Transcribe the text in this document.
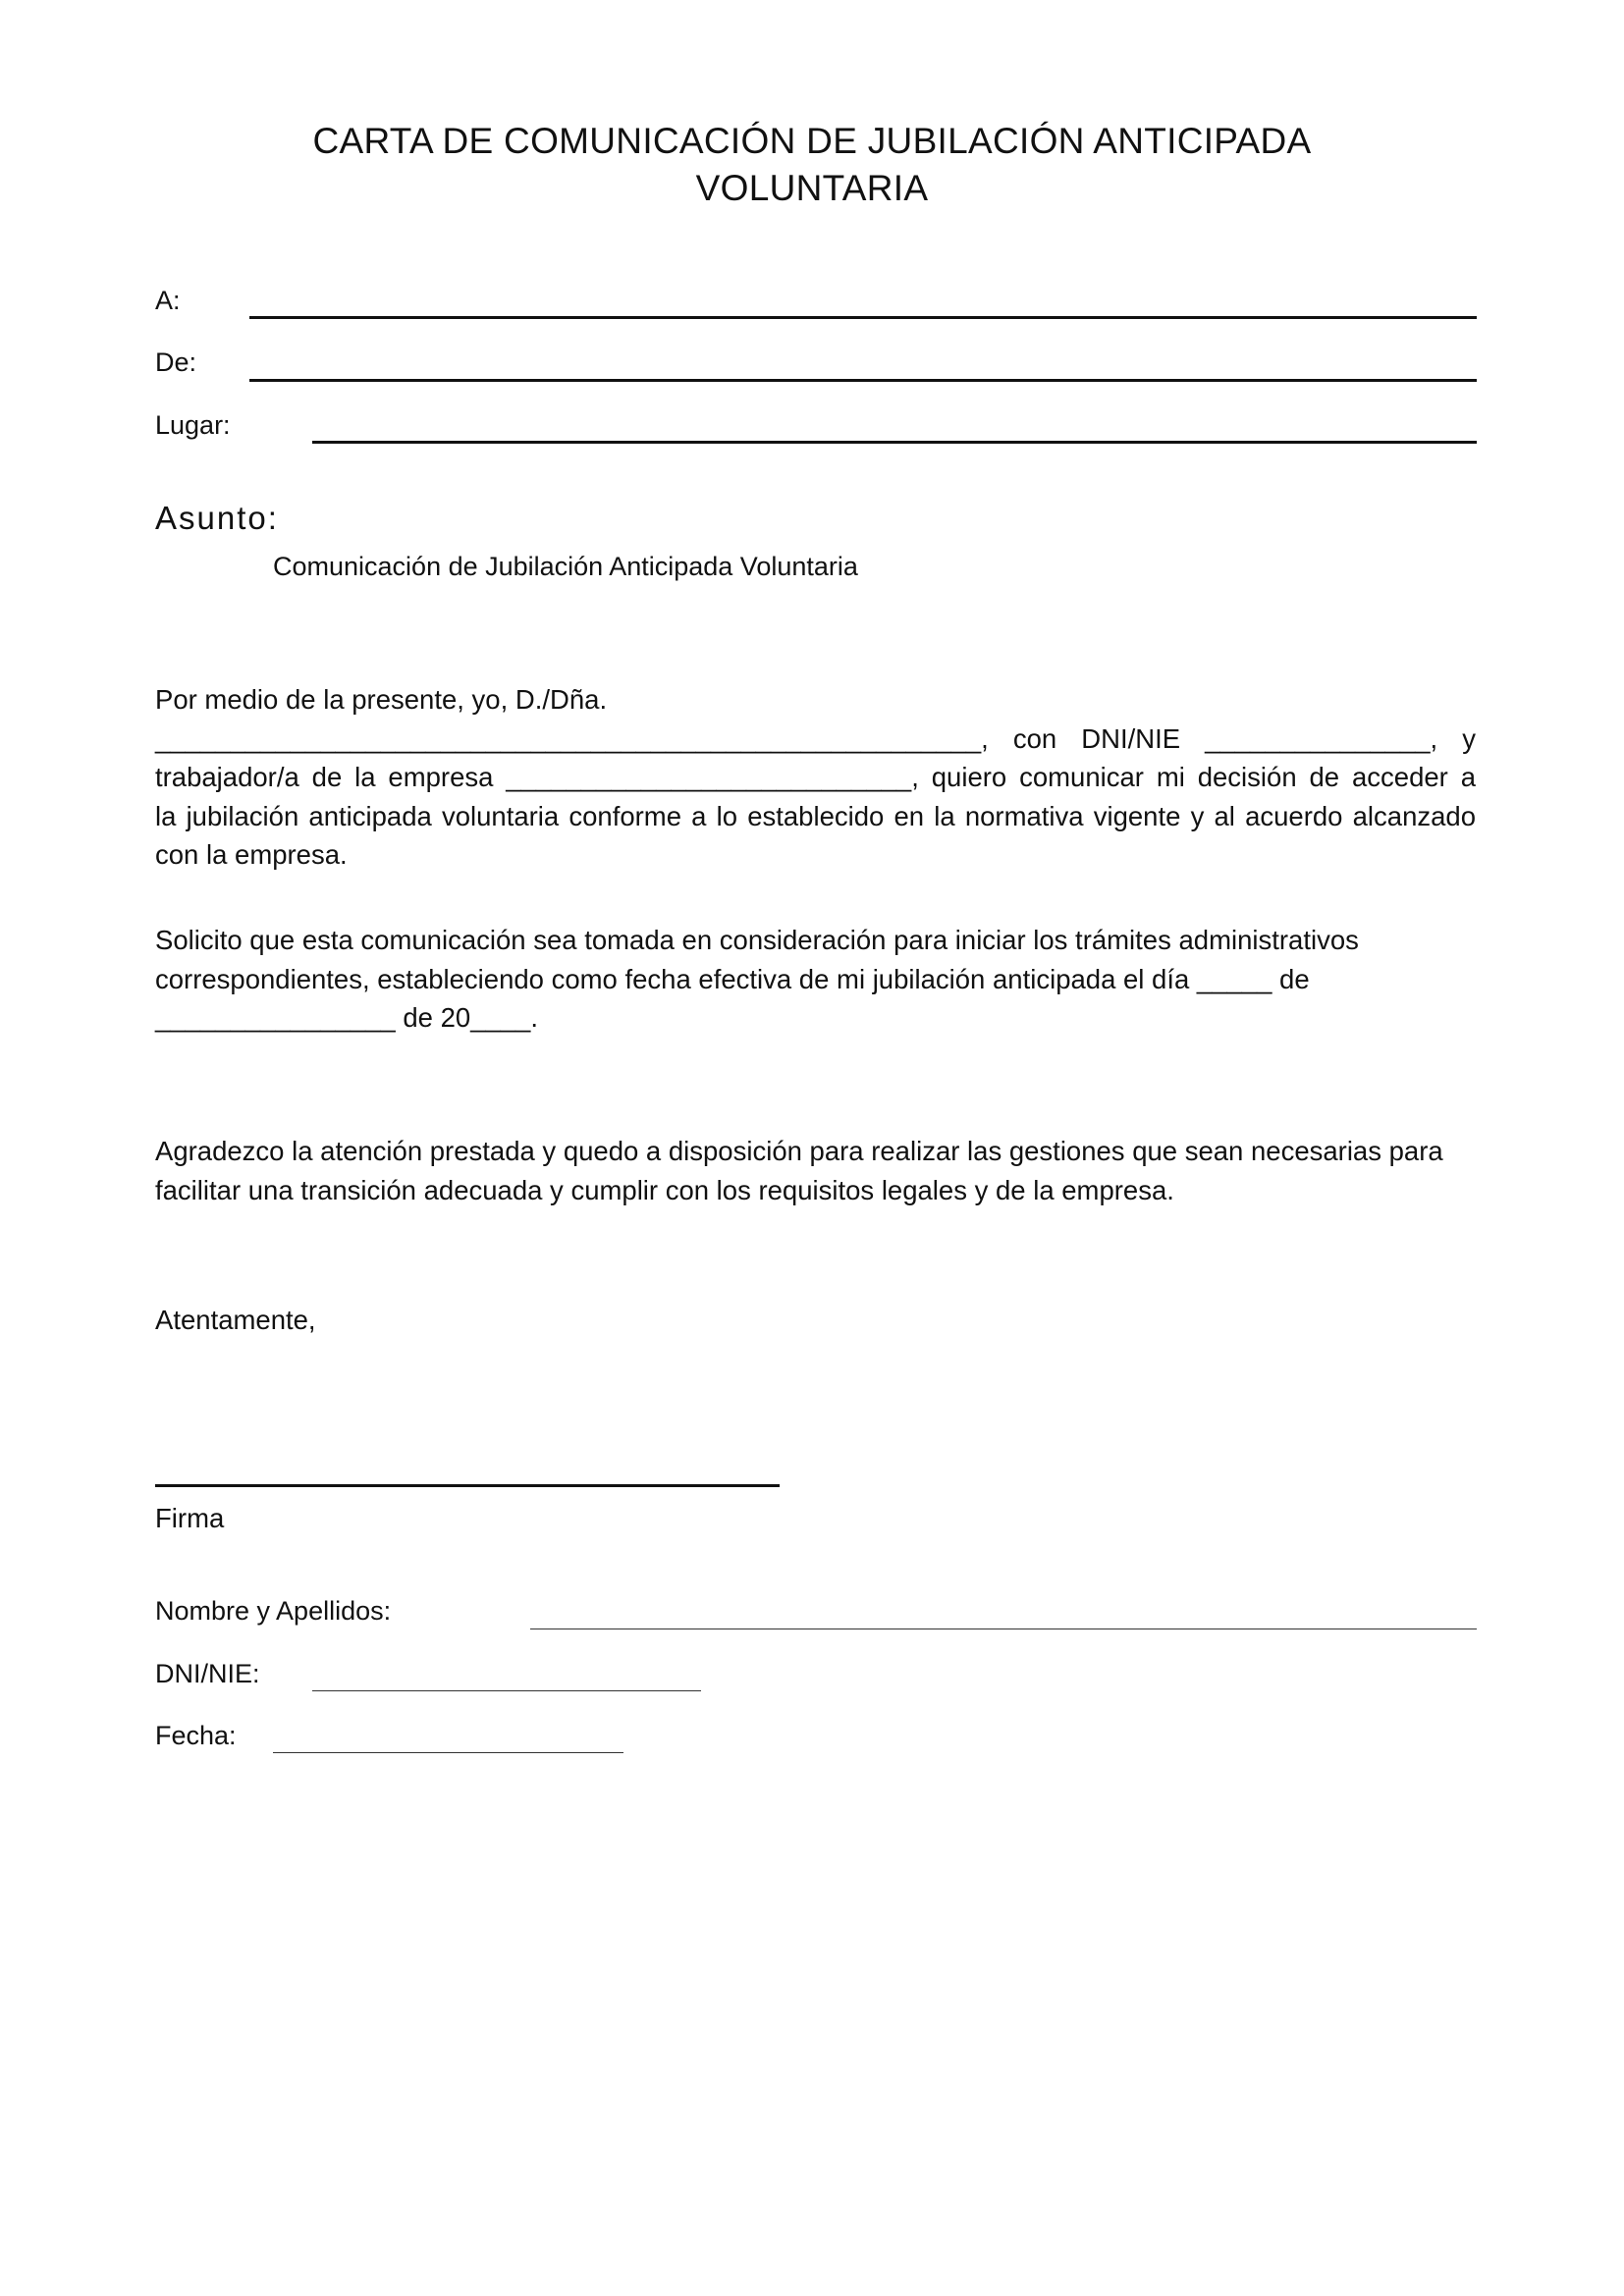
CARTA DE COMUNICACIÓN DE JUBILACIÓN ANTICIPADA
VOLUNTARIA
A:
De:
Lugar:
Asunto:
Comunicación de Jubilación Anticipada Voluntaria
Por medio de la presente, yo, D./Dña.
_______________________________________________________, con DNI/NIE _______________, y
trabajador/a de la empresa ___________________________, quiero comunicar mi decisión de acceder a
la jubilación anticipada voluntaria conforme a lo establecido en la normativa vigente y al acuerdo alcanzado
con la empresa.
Solicito que esta comunicación sea tomada en consideración para iniciar los trámites administrativos
correspondientes, estableciendo como fecha efectiva de mi jubilación anticipada el día _____ de
________________ de 20____.
Agradezco la atención prestada y quedo a disposición para realizar las gestiones que sean necesarias para
facilitar una transición adecuada y cumplir con los requisitos legales y de la empresa.
Atentamente,
Firma
Nombre y Apellidos:
DNI/NIE:
Fecha:
